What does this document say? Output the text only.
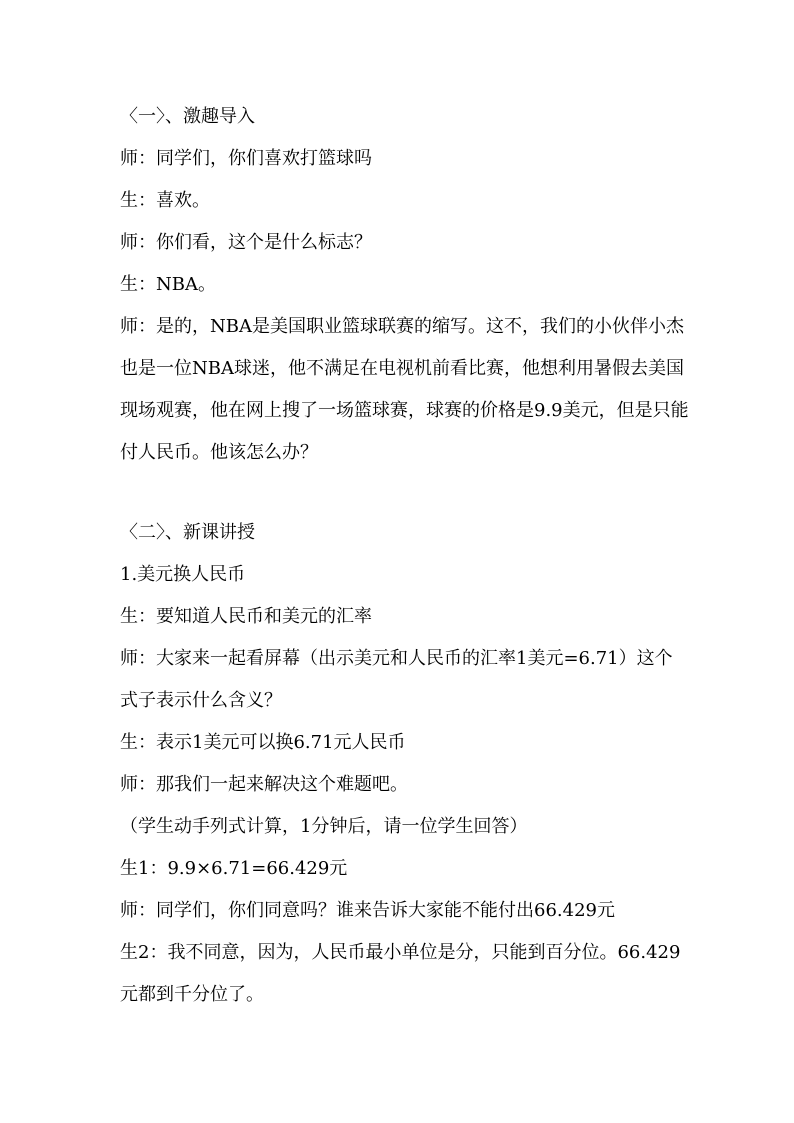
〈一〉、激趣导入

师：同学们，你们喜欢打篮球吗

生：喜欢。

师：你们看，这个是什么标志？

生：NBA。

师：是的，NBA是美国职业篮球联赛的缩写。这不，我们的小伙伴小杰也是一位NBA球迷，他不满足在电视机前看比赛，他想利用暑假去美国现场观赛，他在网上搜了一场篮球赛，球赛的价格是9.9美元，但是只能付人民币。他该怎么办？

〈二〉、新课讲授

1.美元换人民币

生：要知道人民币和美元的汇率

师：大家来一起看屏幕（出示美元和人民币的汇率1美元=6.71）这个式子表示什么含义？

生：表示1美元可以换6.71元人民币

师：那我们一起来解决这个难题吧。

（学生动手列式计算，1分钟后，请一位学生回答）

生1：9.9×6.71=66.429元

师：同学们，你们同意吗？谁来告诉大家能不能付出66.429元

生2：我不同意，因为，人民币最小单位是分，只能到百分位。66.429元都到千分位了。
